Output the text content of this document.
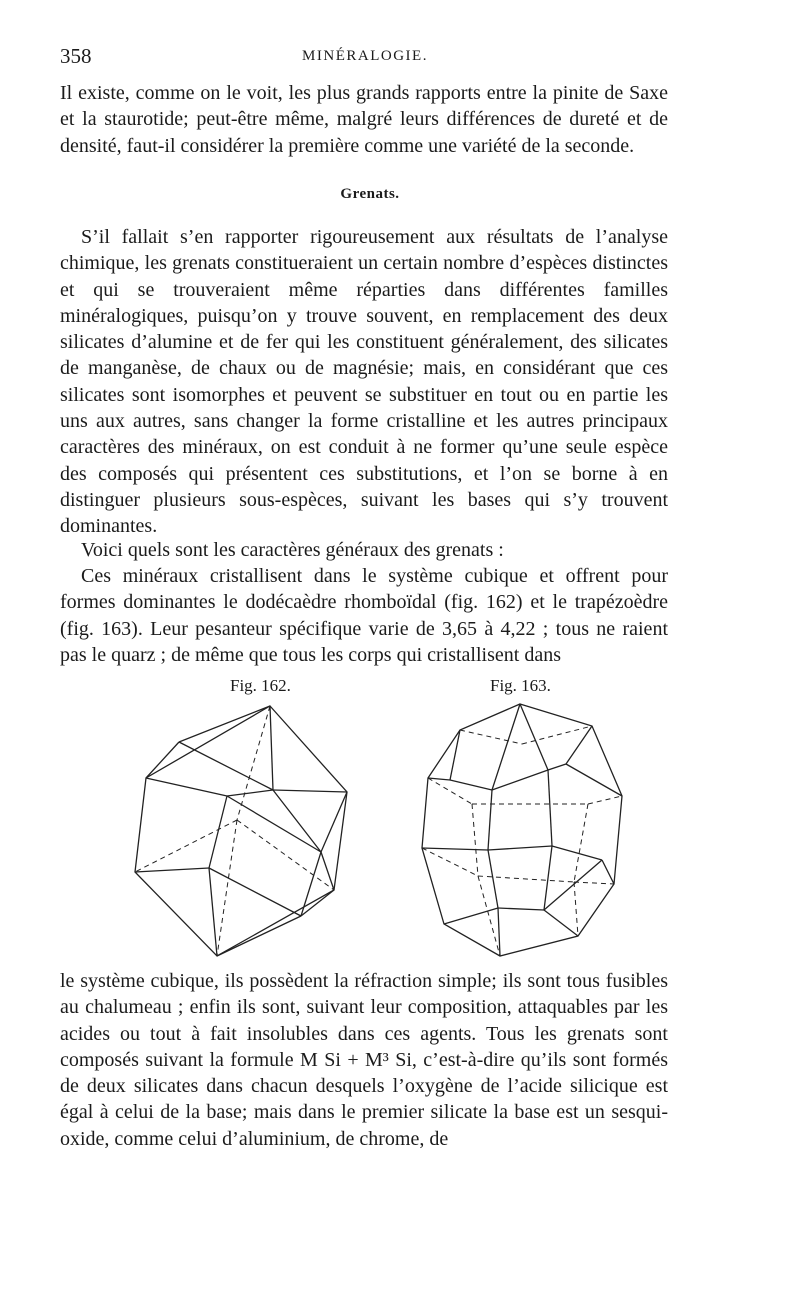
358	MINÉRALOGIE.

Il existe, comme on le voit, les plus grands rapports entre la pinite de Saxe et la staurotide; peut-être même, malgré leurs différences de dureté et de densité, faut-il considérer la première comme une variété de la seconde.

Grenats.

S’il fallait s’en rapporter rigoureusement aux résultats de l’analyse chimique, les grenats constitueraient un certain nombre d’espèces distinctes et qui se trouveraient même réparties dans différentes familles minéralogiques, puisqu’on y trouve souvent, en remplacement des deux silicates d’alumine et de fer qui les constituent généralement, des silicates de manganèse, de chaux ou de magnésie; mais, en considérant que ces silicates sont isomorphes et peuvent se substituer en tout ou en partie les uns aux autres, sans changer la forme cristalline et les autres principaux caractères des minéraux, on est conduit à ne former qu’une seule espèce des composés qui présentent ces substitutions, et l’on se borne à en distinguer plusieurs sous-espèces, suivant les bases qui s’y trouvent dominantes.

Voici quels sont les caractères généraux des grenats :

Ces minéraux cristallisent dans le système cubique et offrent pour formes dominantes le dodécaèdre rhomboïdal (fig. 162) et le trapézoèdre (fig. 163). Leur pesanteur spécifique varie de 3,65 à 4,22 ; tous ne raient pas le quarz ; de même que tous les corps qui cristallisent dans

Fig. 162.	Fig. 163.

le système cubique, ils possèdent la réfraction simple; ils sont tous fusibles au chalumeau ; enfin ils sont, suivant leur composition, attaquables par les acides ou tout à fait insolubles dans ces agents. Tous les grenats sont composés suivant la formule M Si + M³ Si, c’est-à-dire qu’ils sont formés de deux silicates dans chacun desquels l’oxygène de l’acide silicique est égal à celui de la base; mais dans le premier silicate la base est un sesqui-oxide, comme celui d’aluminium, de chrome, de
